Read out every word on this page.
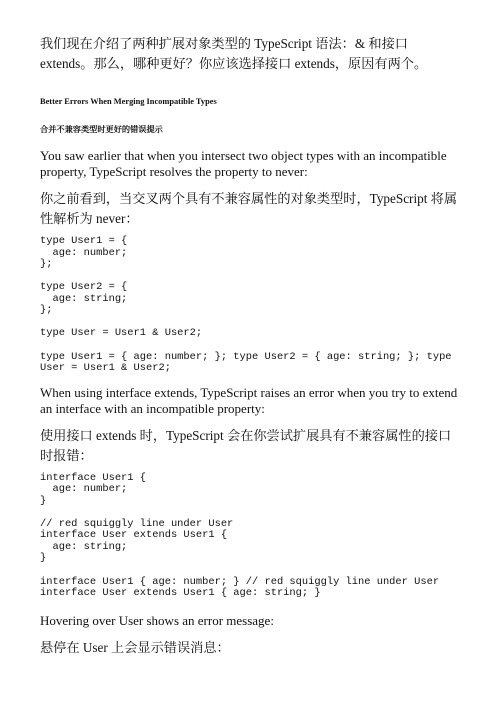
我们现在介绍了两种扩展对象类型的 TypeScript 语法：& 和接口 extends。那么，哪种更好？你应该选择接口 extends，原因有两个。

Better Errors When Merging Incompatible Types

合并不兼容类型时更好的错误提示

You saw earlier that when you intersect two object types with an incompatible property, TypeScript resolves the property to never:

你之前看到，当交叉两个具有不兼容属性的对象类型时，TypeScript 将属性解析为 never：

type User1 = {
age: number;
};

type User2 = {
age: string;
};

type User = User1 & User2;
type User1 = { age: number; }; type User2 = { age: string; }; type
User = User1 & User2;

When using interface extends, TypeScript raises an error when you try to extend an interface with an incompatible property:

使用接口 extends 时，TypeScript 会在你尝试扩展具有不兼容属性的接口时报错：

interface User1 {
age: number;
}

// red squiggly line under User
interface User extends User1 {
age: string;
}
interface User1 { age: number; } // red squiggly line under User
interface User extends User1 { age: string; }

Hovering over User shows an error message:

悬停在 User 上会显示错误消息：
